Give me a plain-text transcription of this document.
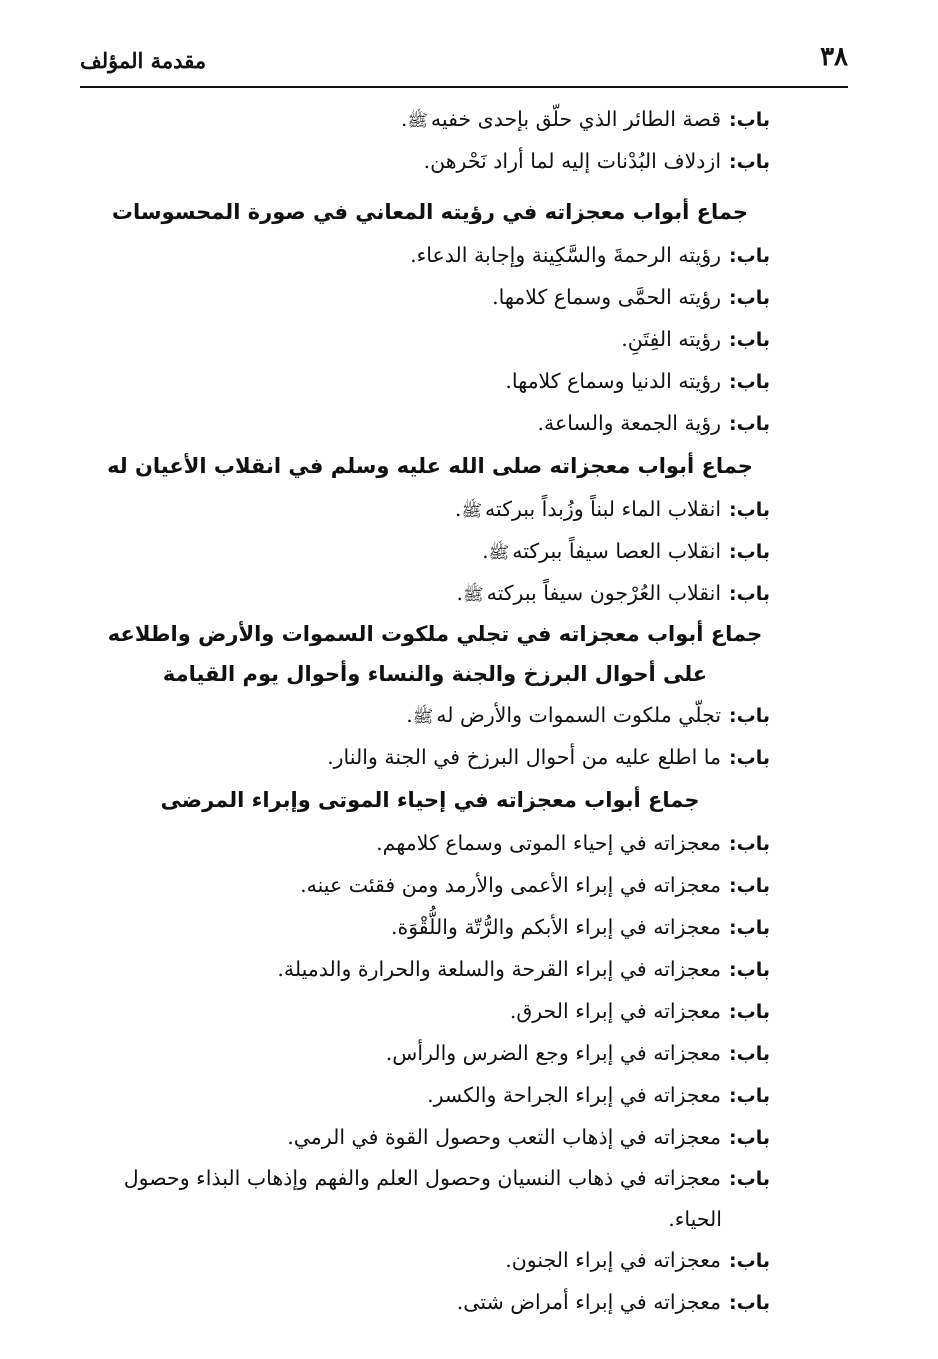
٣٨
مقدمة المؤلف
باب:قصة الطائر الذي حلّق بإحدى خفيهﷺ.
باب:ازدلاف البُدْنات إليه لما أراد نَحْرهن.
جماع أبواب معجزاته في رؤيته المعاني في صورة المحسوسات
باب:رؤيته الرحمةَ والسَّكِينة وإجابة الدعاء.
باب:رؤيته الحمَّى وسماع كلامها.
باب:رؤيته الفِتَنِ.
باب:رؤيته الدنيا وسماع كلامها.
باب:رؤية الجمعة والساعة.
جماع أبواب معجزاته صلى الله عليه وسلم في انقلاب الأعيان له
باب:انقلاب الماء لبناً وزُبداً ببركتهﷺ.
باب:انقلاب العصا سيفاً ببركتهﷺ.
باب:انقلاب العُرْجون سيفاً ببركتهﷺ.
جماع أبواب معجزاته في تجلي ملكوت السموات والأرض واطلاعه على أحوال البرزخ والجنة والنساء وأحوال يوم القيامة
باب:تجلّي ملكوت السموات والأرض لهﷺ.
باب:ما اطلع عليه من أحوال البرزخ في الجنة والنار.
جماع أبواب معجزاته في إحياء الموتى وإبراء المرضى
باب:معجزاته في إحياء الموتى وسماع كلامهم.
باب:معجزاته في إبراء الأعمى والأرمد ومن فقئت عينه.
باب:معجزاته في إبراء الأبكم والرُّتّة واللُّقْوَة.
باب:معجزاته في إبراء القرحة والسلعة والحرارة والدميلة.
باب:معجزاته في إبراء الحرق.
باب:معجزاته في إبراء وجع الضرس والرأس.
باب:معجزاته في إبراء الجراحة والكسر.
باب:معجزاته في إذهاب التعب وحصول القوة في الرمي.
باب:معجزاته في ذهاب النسيان وحصول العلم والفهم وإذهاب البذاء وحصول الحياء.
باب:معجزاته في إبراء الجنون.
باب:معجزاته في إبراء أمراض شتى.
